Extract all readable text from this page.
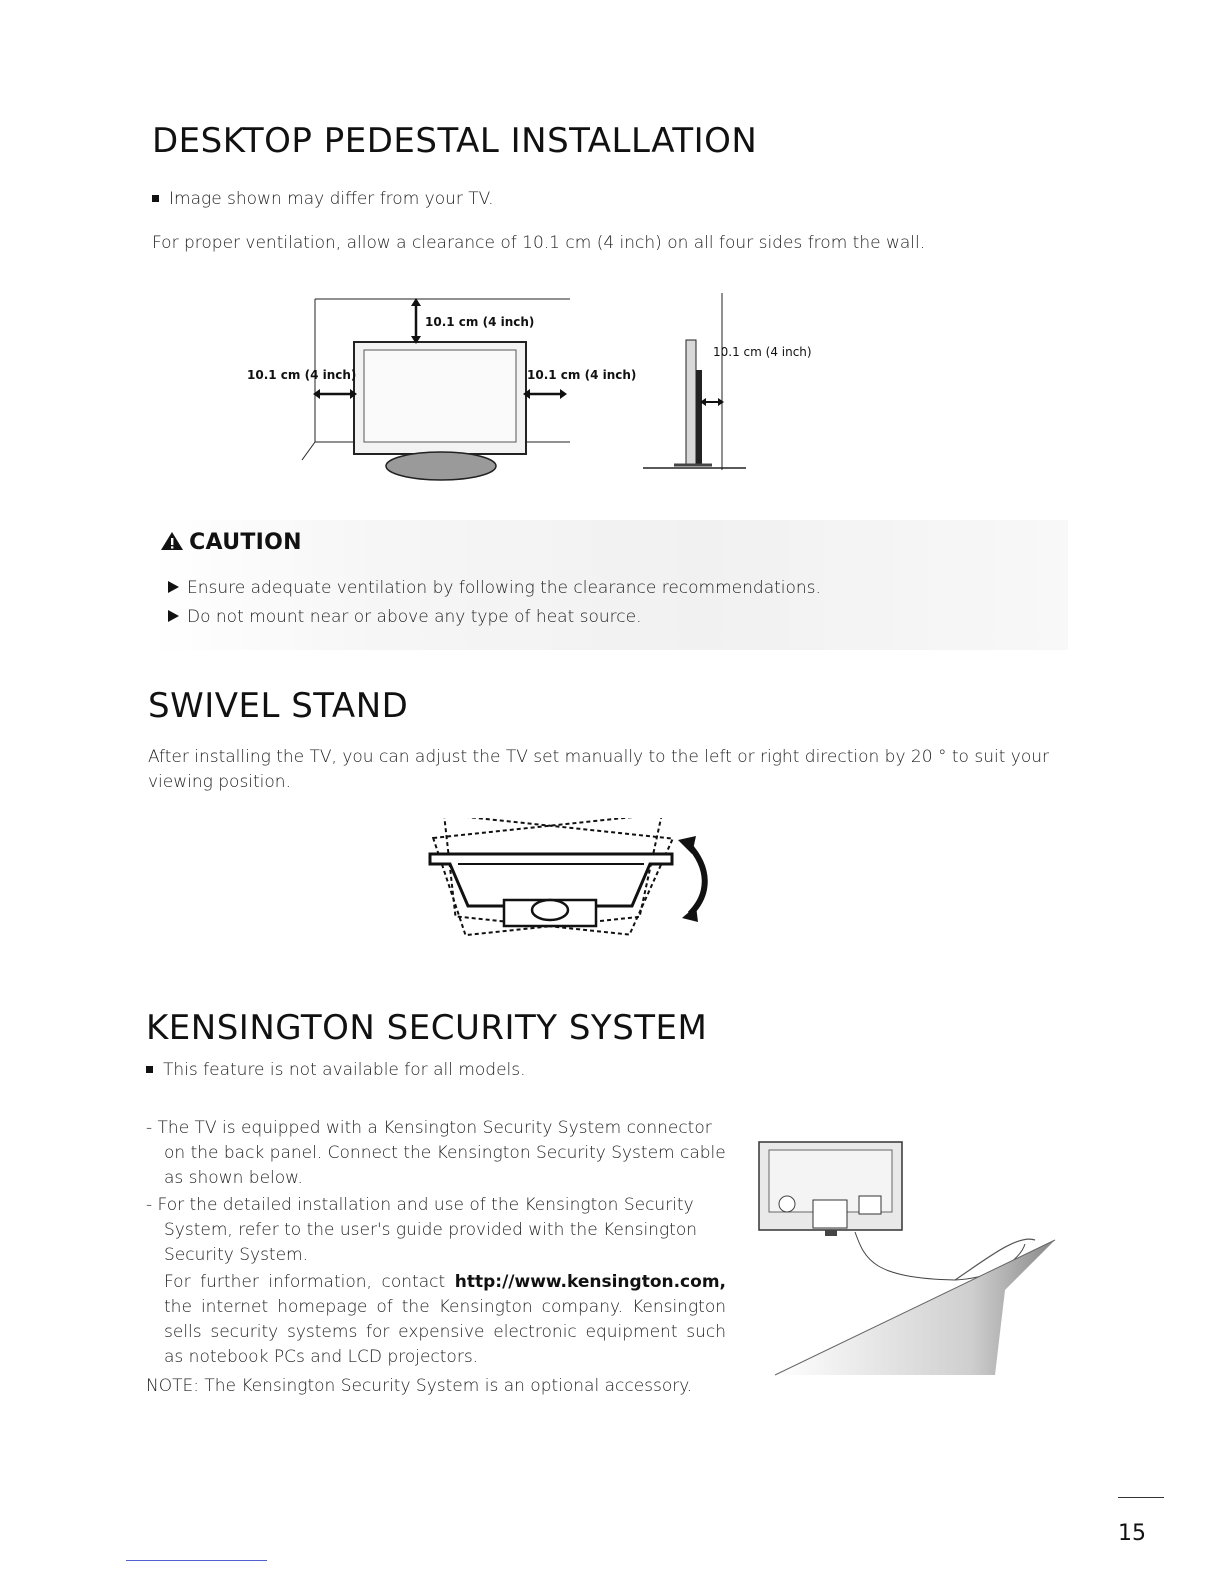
DESKTOP PEDESTAL INSTALLATION
Image shown may differ from your TV.
For proper ventilation, allow a clearance of 10.1 cm (4 inch) on all four sides from the wall.
10.1 cm (4 inch)
10.1 cm (4 inch)	10.1 cm (4 inch)
10.1 cm (4 inch)
CAUTION
Ensure adequate ventilation by following the clearance recommendations.
Do not mount near or above any type of heat source.
SWIVEL STAND
After installing the TV, you can adjust the TV set manually to the left or right direction by 20 ° to suit your viewing position.
KENSINGTON SECURITY SYSTEM
This feature is not available for all models.

- The TV is equipped with a Kensington Security System connector on the back panel. Connect the Kensington Security System cable as shown below.

- For the detailed installation and use of the Kensington Security System, refer to the user's guide provided with the Kensington Security System.

For further information, contact http://www.kensington.com, the internet homepage of the Kensington company. Kensington sells security systems for expensive electronic equipment such as notebook PCs and LCD projectors.

NOTE: The Kensington Security System is an optional accessory.

15
